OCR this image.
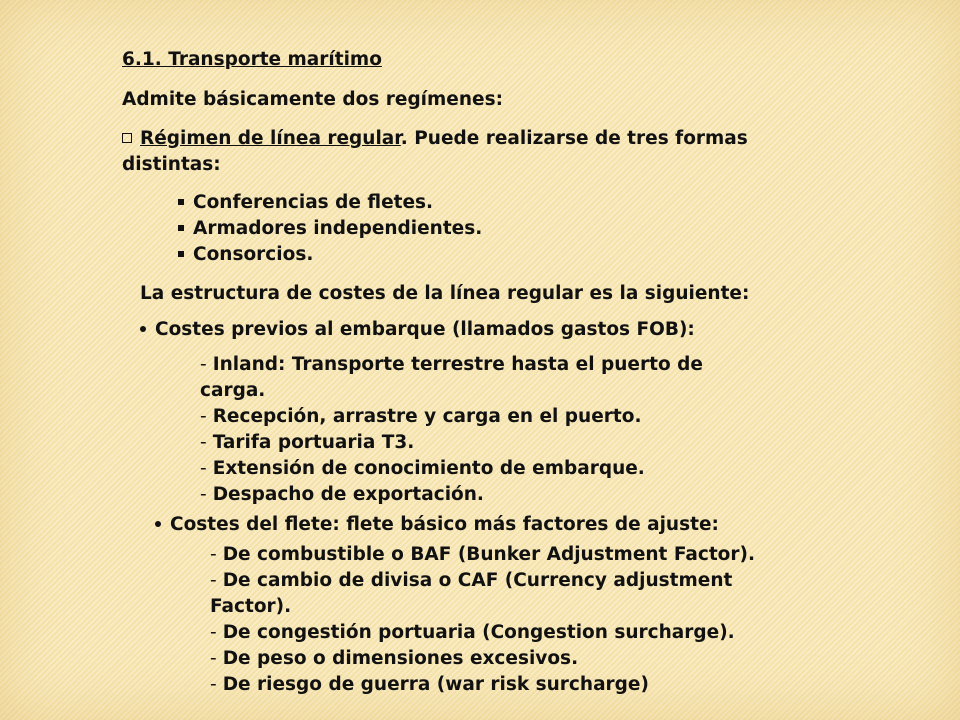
6.1. Transporte marítimo
Admite básicamente dos regímenes:
Régimen de línea regular. Puede realizarse de tres formas
distintas:
Conferencias de fletes.
Armadores independientes.
Consorcios.
La estructura de costes de la línea regular es la siguiente:
Costes previos al embarque (llamados gastos FOB):
- Inland: Transporte terrestre hasta el puerto de
carga.
- Recepción, arrastre y carga en el puerto.
- Tarifa portuaria T3.
- Extensión de conocimiento de embarque.
- Despacho de exportación.
Costes del flete: flete básico más factores de ajuste:
- De combustible o BAF (Bunker Adjustment Factor).
- De cambio de divisa o CAF (Currency adjustment
Factor).
- De congestión portuaria (Congestion surcharge).
- De peso o dimensiones excesivos.
- De riesgo de guerra (war risk surcharge)
